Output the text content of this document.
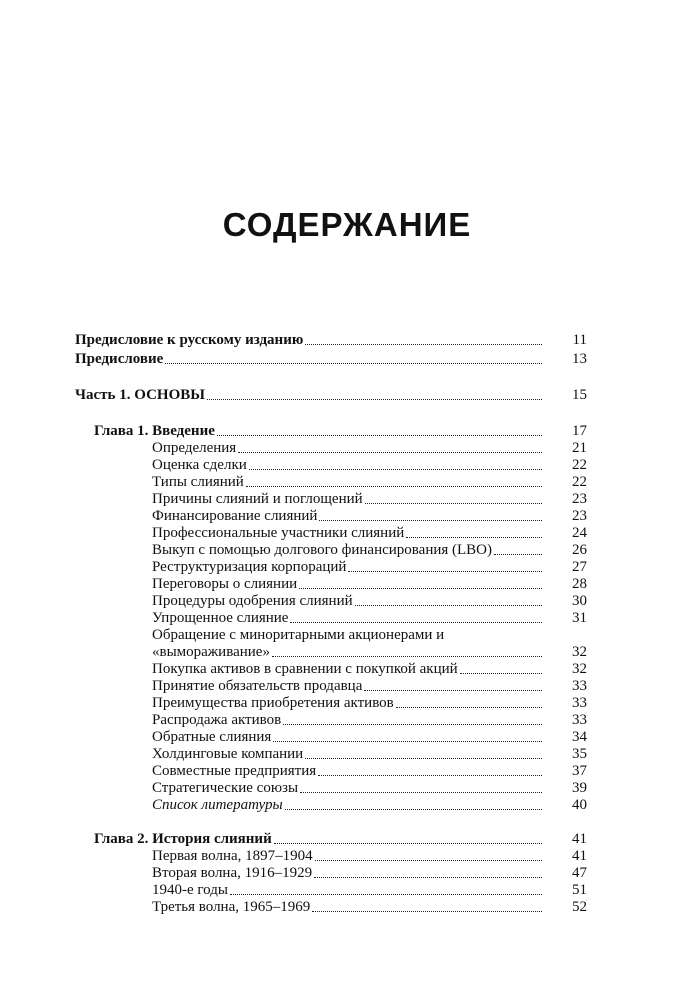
СОДЕРЖАНИЕ
Предисловие к русскому изданию	11
Предисловие	13
Часть 1. ОСНОВЫ	15
Глава 1. Введение	17
Определения	21
Оценка сделки	22
Типы слияний	22
Причины слияний и поглощений	23
Финансирование слияний	23
Профессиональные участники слияний	24
Выкуп с помощью долгового финансирования (LBO)	26
Реструктуризация корпораций	27
Переговоры о слиянии	28
Процедуры одобрения слияний	30
Упрощенное слияние	31
Обращение с миноритарными акционерами и
«вымораживание»	32
Покупка активов в сравнении с покупкой акций	32
Принятие обязательств продавца	33
Преимущества приобретения активов	33
Распродажа активов	33
Обратные слияния	34
Холдинговые компании	35
Совместные предприятия	37
Стратегические союзы	39
Список литературы	40
Глава 2. История слияний	41
Первая волна, 1897–1904	41
Вторая волна, 1916–1929	47
1940-е годы	51
Третья волна, 1965–1969	52
